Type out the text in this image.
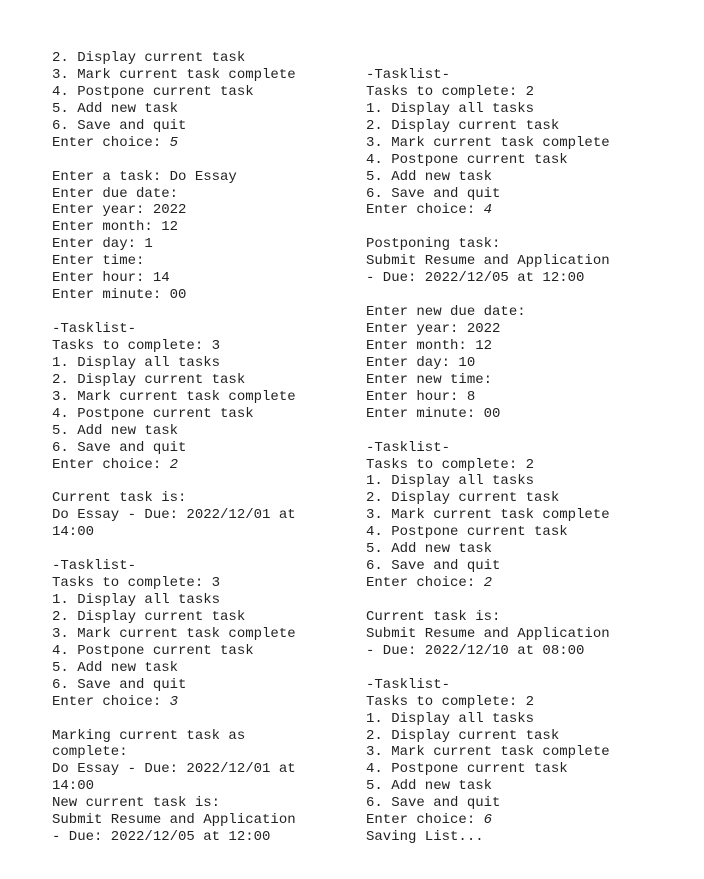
2. Display current task
3. Mark current task complete
4. Postpone current task
5. Add new task
6. Save and quit
Enter choice: 5
Enter a task: Do Essay
Enter due date:
Enter year: 2022
Enter month: 12
Enter day: 1
Enter time:
Enter hour: 14
Enter minute: 00
-Tasklist-
Tasks to complete: 3
1. Display all tasks
2. Display current task
3. Mark current task complete
4. Postpone current task
5. Add new task
6. Save and quit
Enter choice: 2
Current task is:
Do Essay - Due: 2022/12/01 at
14:00
-Tasklist-
Tasks to complete: 3
1. Display all tasks
2. Display current task
3. Mark current task complete
4. Postpone current task
5. Add new task
6. Save and quit
Enter choice: 3
Marking current task as
complete:
Do Essay - Due: 2022/12/01 at
14:00
New current task is:
Submit Resume and Application
- Due: 2022/12/05 at 12:00
-Tasklist-
Tasks to complete: 2
1. Display all tasks
2. Display current task
3. Mark current task complete
4. Postpone current task
5. Add new task
6. Save and quit
Enter choice: 4
Postponing task:
Submit Resume and Application
- Due: 2022/12/05 at 12:00
Enter new due date:
Enter year: 2022
Enter month: 12
Enter day: 10
Enter new time:
Enter hour: 8
Enter minute: 00
-Tasklist-
Tasks to complete: 2
1. Display all tasks
2. Display current task
3. Mark current task complete
4. Postpone current task
5. Add new task
6. Save and quit
Enter choice: 2
Current task is:
Submit Resume and Application
- Due: 2022/12/10 at 08:00
-Tasklist-
Tasks to complete: 2
1. Display all tasks
2. Display current task
3. Mark current task complete
4. Postpone current task
5. Add new task
6. Save and quit
Enter choice: 6
Saving List...
